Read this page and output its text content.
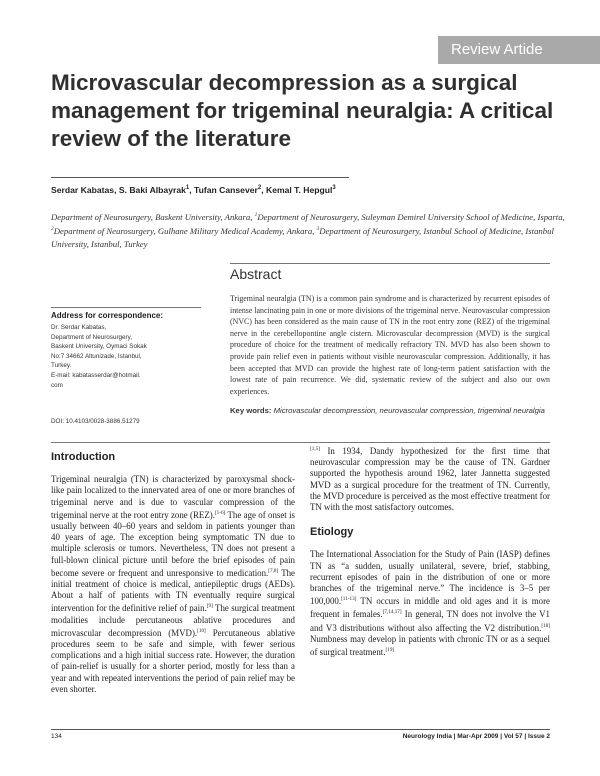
Review Artide
Microvascular decompression as a surgical management for trigeminal neuralgia: A critical review of the literature
Serdar Kabatas, S. Baki Albayrak$^1$, Tufan Cansever$^2$, Kemal T. Hepgul$^3$
Department of Neurosurgery, Baskent University, Ankara, $^1$Department of Neurosurgery, Suleyman Demirel University School of Medicine, Isparta, $^2$Department of Neurosurgery, Gulhane Military Medical Academy, Ankara, $^3$Department of Neurosurgery, Istanbul School of Medicine, Istanbul University, Istanbul, Turkey
Address for correspondence:
Dr. Serdar Kabatas,
Department of Neurosurgery,
Baskent University, Oymaci Sokak
No:7 34662 Altunizade, Istanbul,
Turkey.
E-mail: kabatasserdar@hotmail.
com
DOI: 10.4103/0028-3886.51279
Abstract

Trigeminal neuralgia (TN) is a common pain syndrome and is characterized by recurrent episodes of intense lancinating pain in one or more divisions of the trigeminal nerve. Neurovascular compression (NVC) has been considered as the main cause of TN in the root entry zone (REZ) of the trigeminal nerve in the cerebellopontine angle cistern. Microvascular decompression (MVD) is the surgical procedure of choice for the treatment of medically refractory TN. MVD has also been shown to provide pain relief even in patients without visible neurovascular compression. Additionally, it has been accepted that MVD can provide the highest rate of long-term patient satisfaction with the lowest rate of pain recurrence. We did, systematic review of the subject and also our own experiences.

Key words: Microvascular decompression, neurovascular compression, trigeminal neuralgia
Introduction

Trigeminal neuralgia (TN) is characterized by paroxysmal shock-like pain localized to the innervated area of one or more branches of trigeminal nerve and is due to vascular compression of the trigeminal nerve at the root entry zone (REZ).[1-6] The age of onset is usually between 40–60 years and seldom in patients younger than 40 years of age. The exception being symptomatic TN due to multiple sclerosis or tumors. Nevertheless, TN does not present a full-blown clinical picture until before the brief episodes of pain become severe or frequent and unresponsive to medication.[7,8] The initial treatment of choice is medical, antiepileptic drugs (AEDs). About a half of patients with TN eventually require surgical intervention for the definitive relief of pain.[9] The surgical treatment modalities include percutaneous ablative procedures and microvascular decompression (MVD).[10] Percutaneous ablative procedures seem to be safe and simple, with fewer serious complications and a high initial success rate. However, the duration of pain-relief is usually for a shorter period, mostly for less than a year and with repeated interventions the period of pain relief may be even shorter.

[1,5] In 1934, Dandy hypothesized for the first time that neurovascular compression may be the cause of TN. Gardner supported the hypothesis around 1962, later Jannetta suggested MVD as a surgical procedure for the treatment of TN. Currently, the MVD procedure is perceived as the most effective treatment for TN with the most satisfactory outcomes.

Etiology

The International Association for the Study of Pain (IASP) defines TN as “a sudden, usually unilateral, severe, brief, stabbing, recurrent episodes of pain in the distribution of one or more branches of the trigeminal nerve.” The incidence is 3–5 per 100,000.[11-13] TN occurs in middle and old ages and it is more frequent in females.[7,14,17] In general, TN does not involve the V1 and V3 distributions without also affecting the V2 distribution.[18] Numbness may develop in patients with chronic TN or as a sequel of surgical treatment.[19]

134	Neurology India | Mar-Apr 2009 | Vol 57 | Issue 2
